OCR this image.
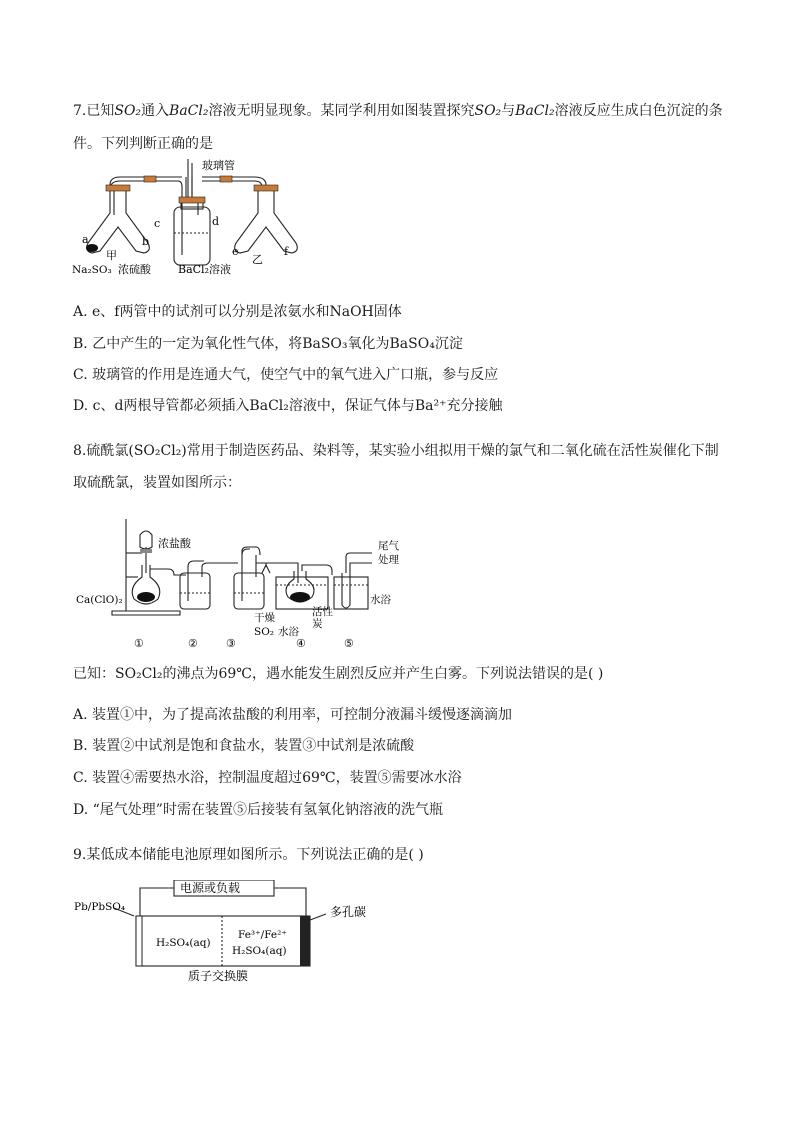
7.已知SO₂通入BaCl₂溶液无明显现象。某同学利用如图装置探究SO₂与BaCl₂溶液反应生成白色沉淀的条
件。下列判断正确的是
玻璃管
a	b
c	d
e	f
甲	乙
Na₂SO₃ 浓硫酸 BaCl₂溶液
A. e、f两管中的试剂可以分别是浓氨水和NaOH固体
B. 乙中产生的一定为氧化性气体，将BaSO₃氧化为BaSO₄沉淀
C. 玻璃管的作用是连通大气，使空气中的氧气进入广口瓶，参与反应
D. c、d两根导管都必须插入BaCl₂溶液中，保证气体与Ba²⁺充分接触
8.硫酰氯(SO₂Cl₂)常用于制造医药品、染料等，某实验小组拟用干燥的氯气和二氧化硫在活性炭催化下制
取硫酰氯，装置如图所示：
浓盐酸
Ca(ClO)₂
干燥
SO₂ 水浴
活性
炭
尾气
处理
水浴
①	②	③	④	⑤
已知：SO₂Cl₂的沸点为69℃，遇水能发生剧烈反应并产生白雾。下列说法错误的是( )
A. 装置①中，为了提高浓盐酸的利用率，可控制分液漏斗缓慢逐滴滴加
B. 装置②中试剂是饱和食盐水，装置③中试剂是浓硫酸
C. 装置④需要热水浴，控制温度超过69℃，装置⑤需要冰水浴
D. “尾气处理”时需在装置⑤后接装有氢氧化钠溶液的洗气瓶
9.某低成本储能电池原理如图所示。下列说法正确的是( )
电源或负载
Pb/PbSO₄	多孔碳
H₂SO₄(aq)
Fe³⁺/Fe²⁺
H₂SO₄(aq)
质子交换膜
